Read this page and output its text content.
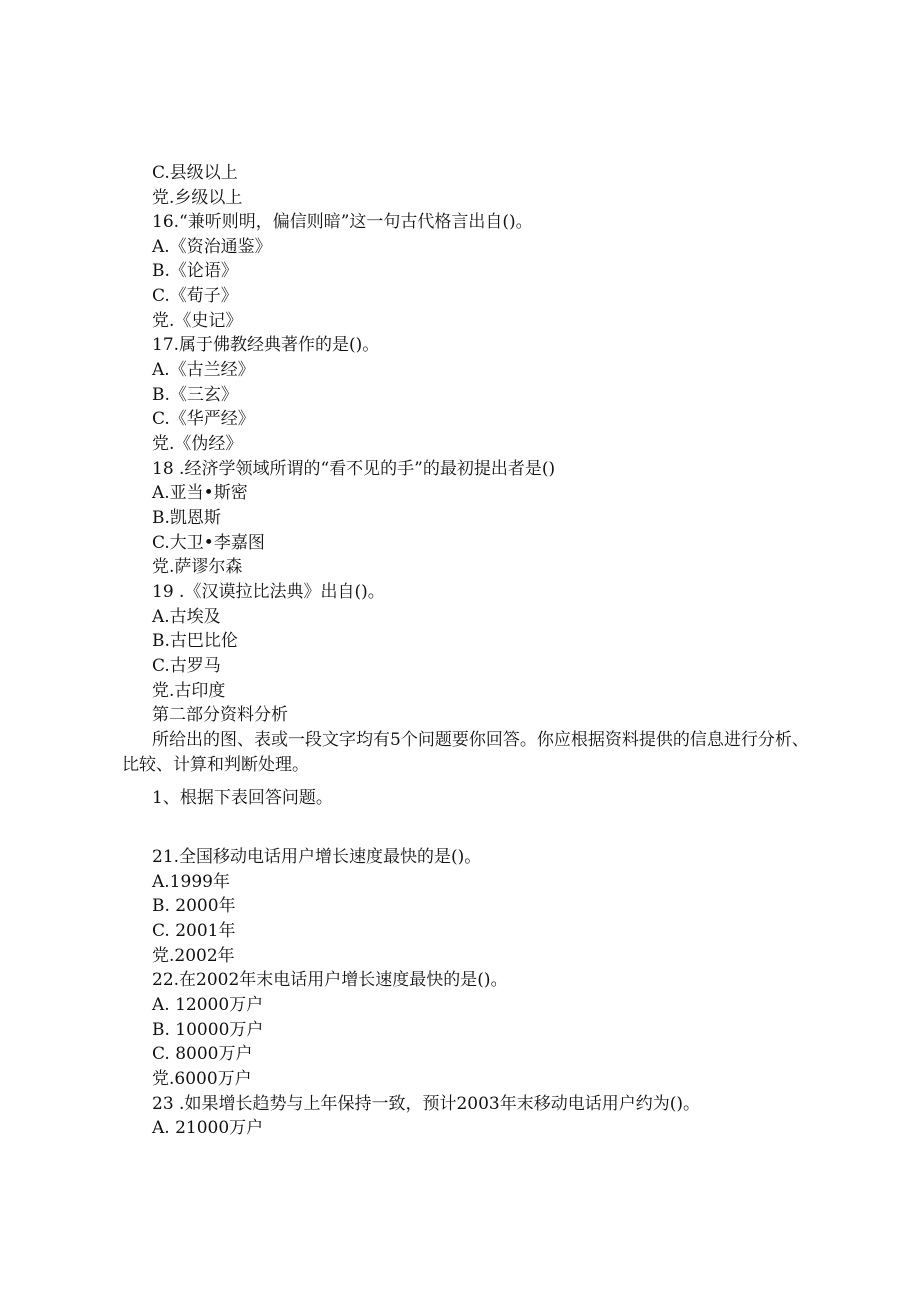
C.县级以上
党.乡级以上
16.“兼听则明，偏信则暗”这一句古代格言出自()。
A.《资治通鉴》
B.《论语》
C.《荀子》
党.《史记》
17.属于佛教经典著作的是()。
A.《古兰经》
B.《三玄》
C.《华严经》
党.《伪经》
18 .经济学领域所谓的“看不见的手”的最初提出者是()
A.亚当•斯密
B.凯恩斯
C.大卫•李嘉图
党.萨谬尔森
19 .《汉谟拉比法典》出自()。
A.古埃及
B.古巴比伦
C.古罗马
党.古印度
第二部分资料分析
所给出的图、表或一段文字均有5个问题要你回答。你应根据资料提供的信息进行分析、比较、计算和判断处理。
1、根据下表回答问题。
21.全国移动电话用户增长速度最快的是()。
A.1999年
B. 2000年
C. 2001年
党.2002年
22.在2002年末电话用户增长速度最快的是()。
A. 12000万户
B. 10000万户
C. 8000万户
党.6000万户
23 .如果增长趋势与上年保持一致，预计2003年末移动电话用户约为()。
A. 21000万户
